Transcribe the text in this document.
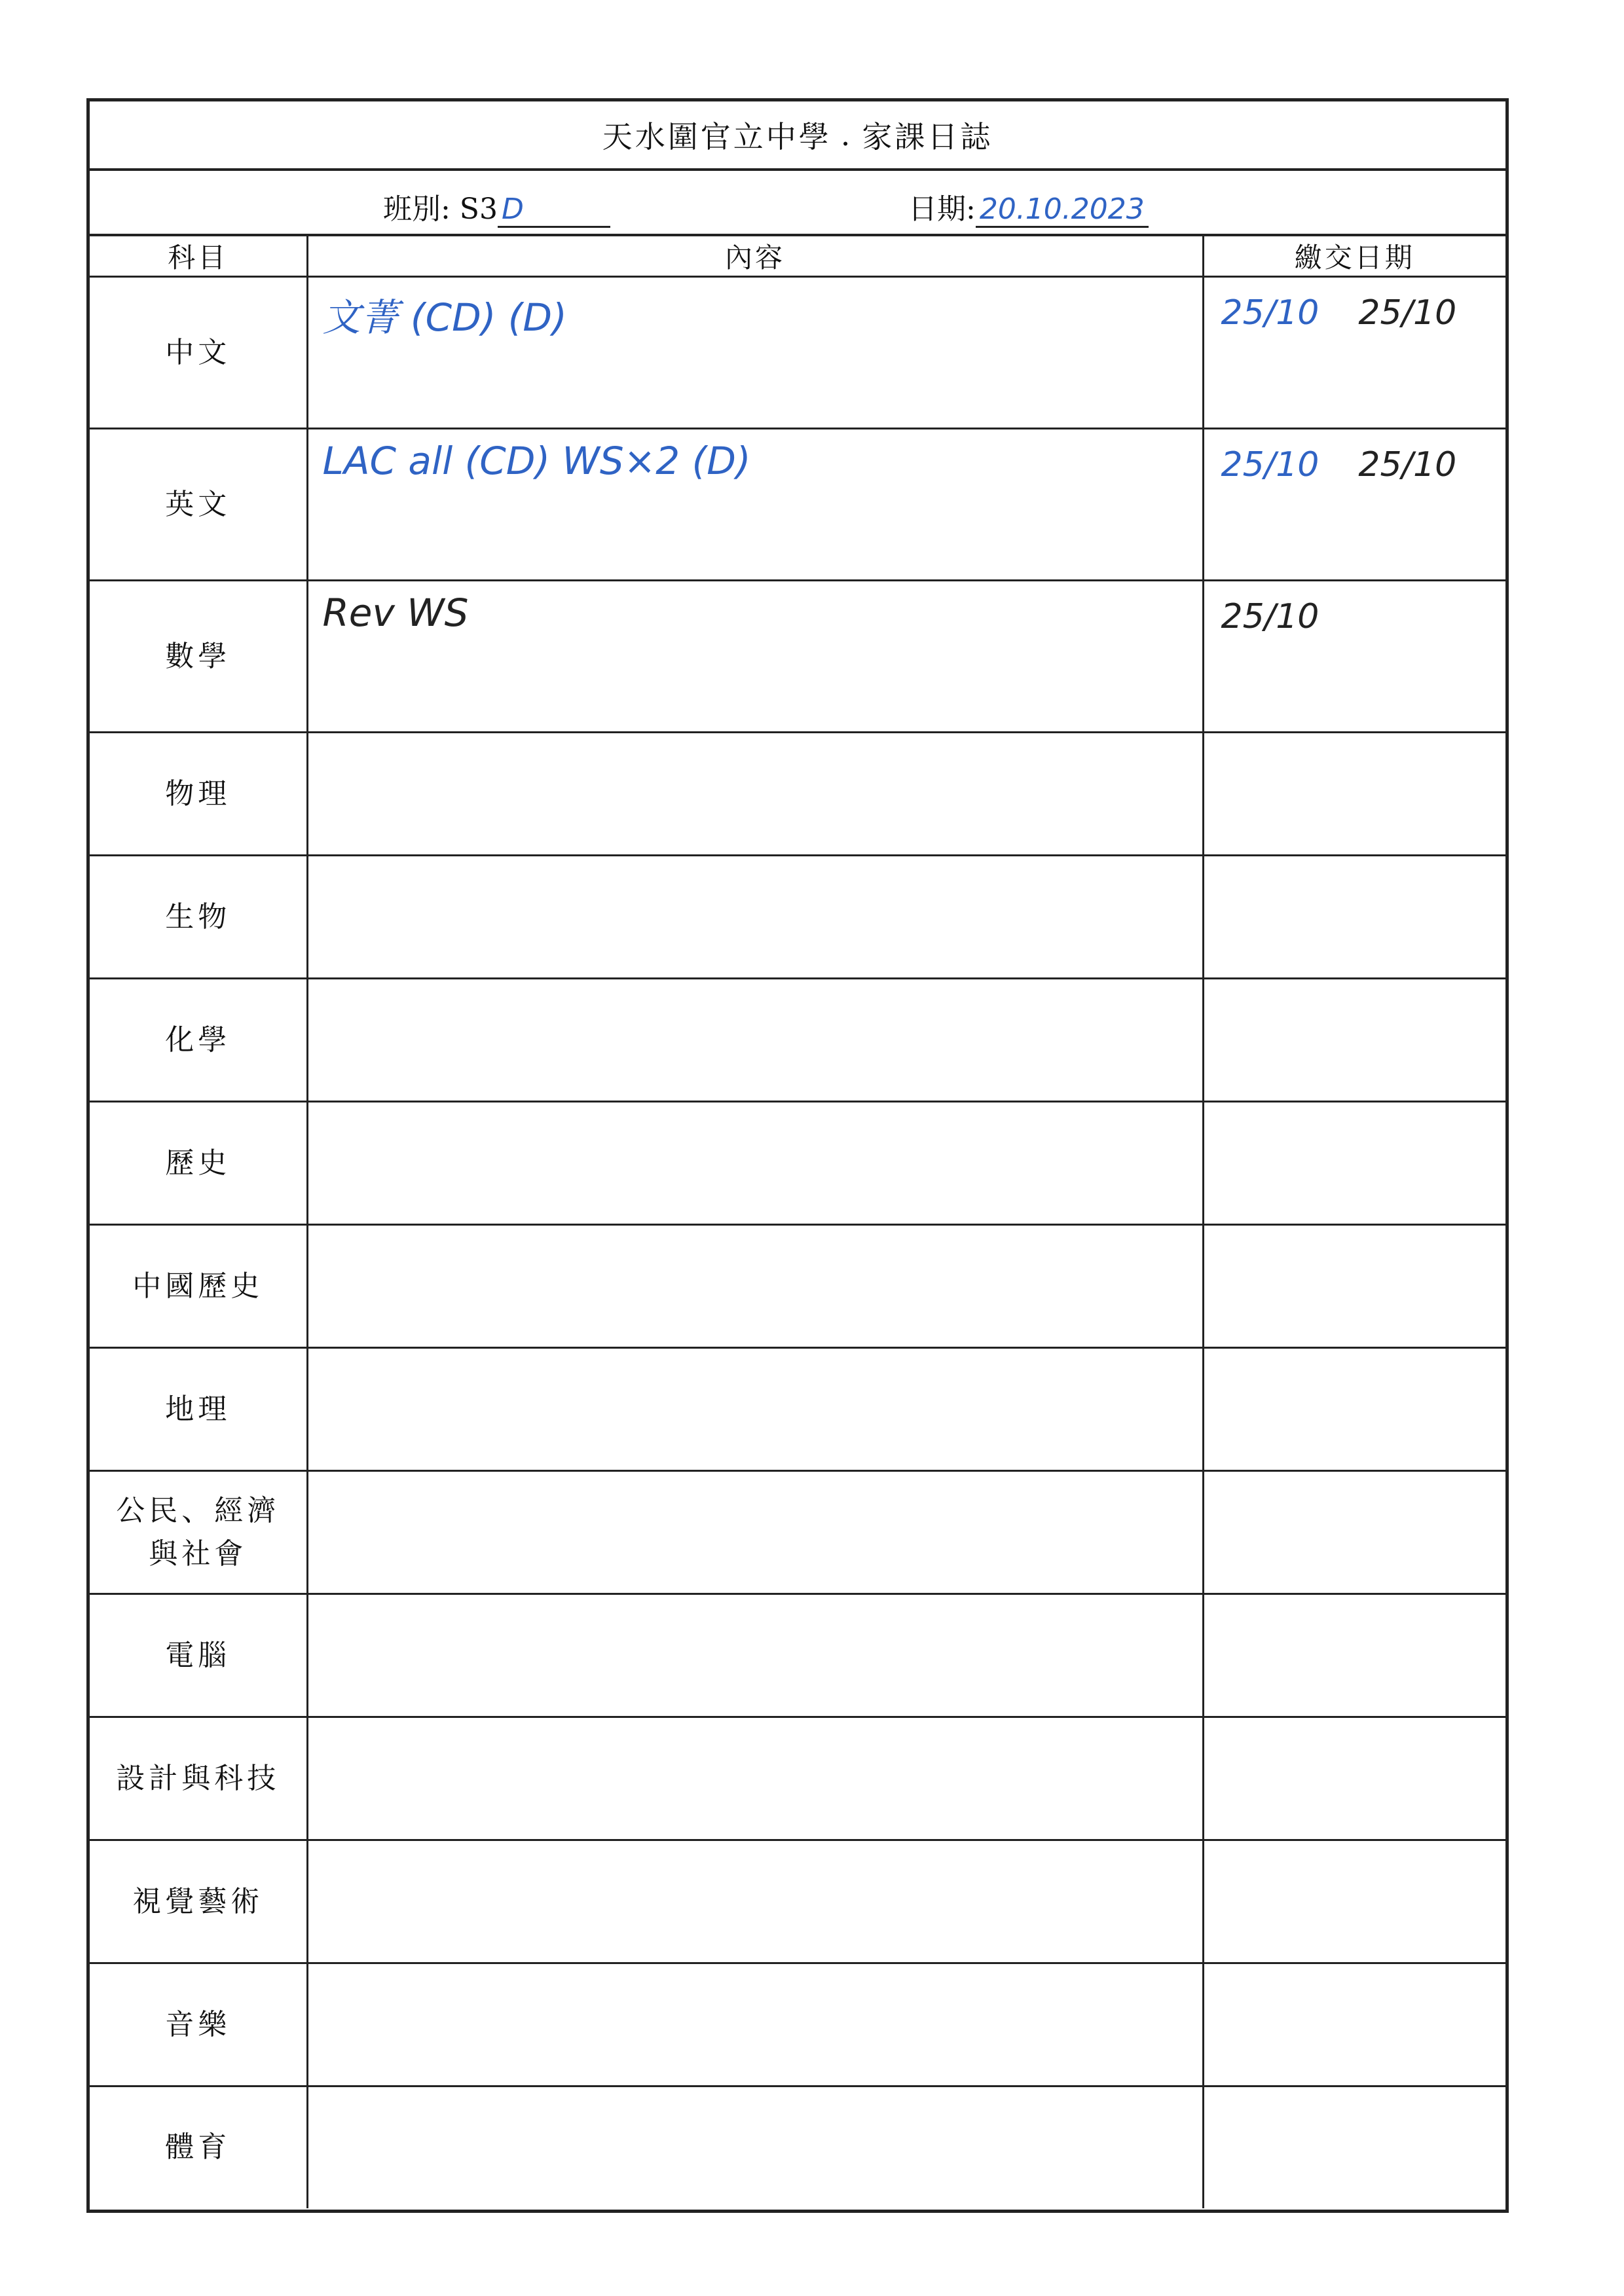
天水圍官立中學 . 家課日誌
班別: S3 D	日期: 20.10.2023
科目	內容	繳交日期
中文	文菁 (CD) (D)	25/10 25/10

英文	LAC all (CD) WS×2 (D)	25/10 25/10

數學	Rev WS	25/10

物理	

生物	

化學	

歷史	

中國歷史	

地理	

公民、經濟與社會	

電腦	

設計與科技	

視覺藝術	

音樂	

體育	
